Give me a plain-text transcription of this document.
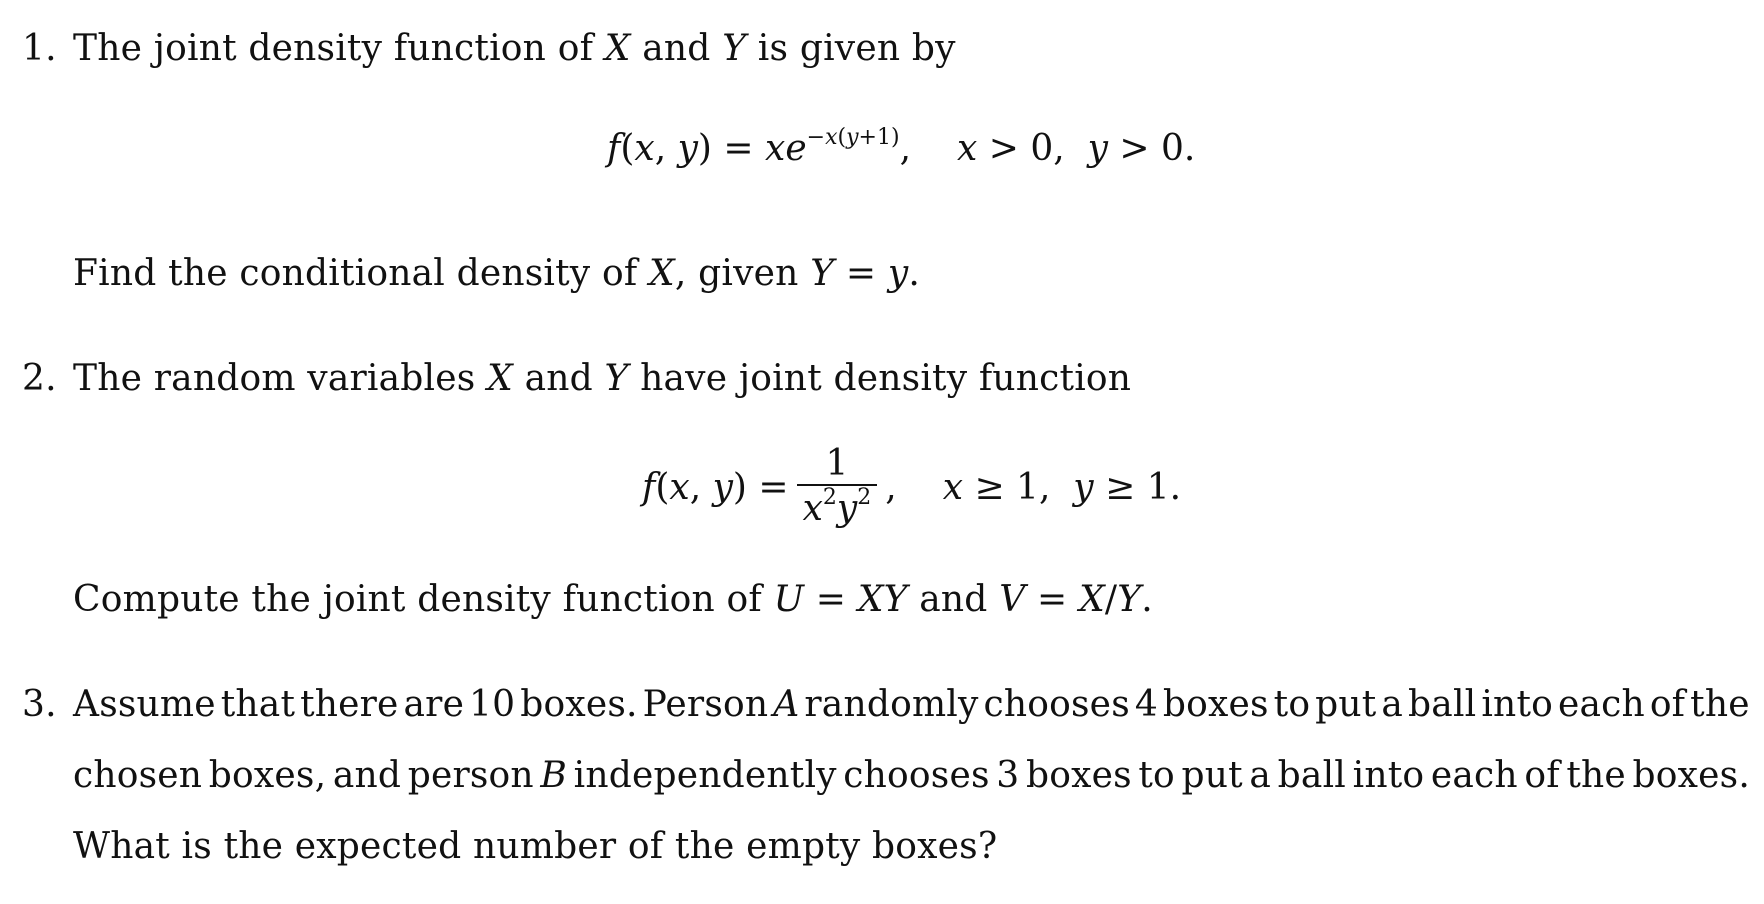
1. The joint density function of X and Y is given by
f(x, $y) = xe^{-x(y+1)}$, x > 0,  y > 0.
Find the conditional density of X, given Y = y.
2. The random variables X and Y have joint density function
f(x, $y) = \frac{1}{x^2y^2}$ , x ≥ 1,  y ≥ 1.
Compute the joint density function of U = XY and V = X/Y.
3. Assume that there are 10 boxes. Person A randomly chooses 4 boxes to put a ball into each of the
chosen boxes, and person B independently chooses 3 boxes to put a ball into each of the boxes.
What is the expected number of the empty boxes?
